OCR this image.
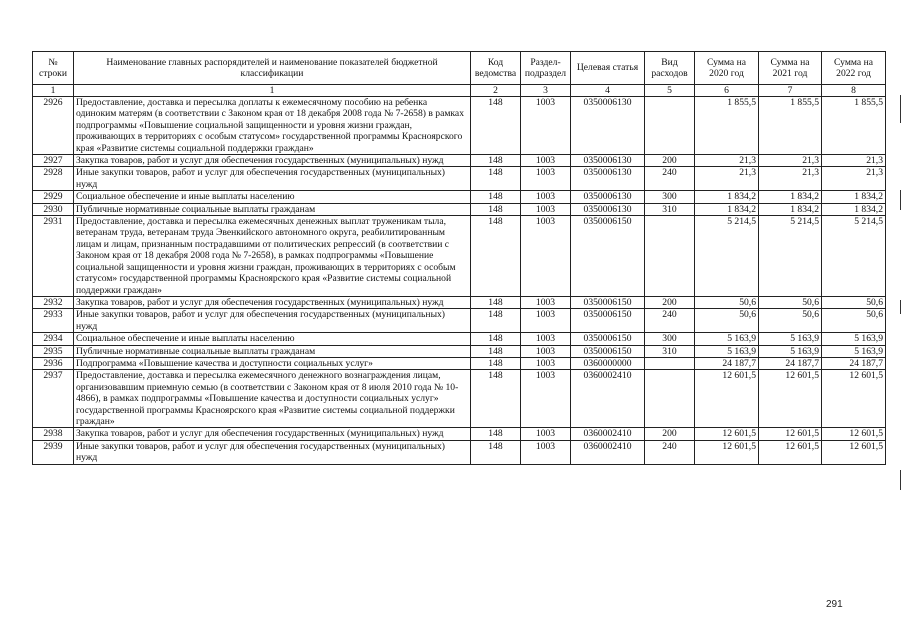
№ строки	Наименование главных распорядителей и наименование показателей бюджетной классификации	Код ведомства	Раздел-подраздел	Целевая статья	Вид расходов	Сумма на 2020 год	Сумма на 2021 год	Сумма на 2022 год
1	1	2	3	4	5	6	7	8
2926	Предоставление, доставка и пересылка доплаты к ежемесячному пособию на ребенка одиноким матерям (в соответствии с Законом края от 18 декабря 2008 года № 7-2658) в рамках подпрограммы «Повышение социальной защищенности и уровня жизни граждан, проживающих в территориях с особым статусом» государственной программы Красноярского края «Развитие системы социальной поддержки граждан»	148	1003	0350006130		1 855,5	1 855,5	1 855,5
2927	Закупка товаров, работ и услуг для обеспечения государственных (муниципальных) нужд	148	1003	0350006130	200	21,3	21,3	21,3
2928	Иные закупки товаров, работ и услуг для обеспечения государственных (муниципальных) нужд	148	1003	0350006130	240	21,3	21,3	21,3
2929	Социальное обеспечение и иные выплаты населению	148	1003	0350006130	300	1 834,2	1 834,2	1 834,2
2930	Публичные нормативные социальные выплаты гражданам	148	1003	0350006130	310	1 834,2	1 834,2	1 834,2
2931	Предоставление, доставка и пересылка ежемесячных денежных выплат труженикам тыла, ветеранам труда, ветеранам труда Эвенкийского автономного округа, реабилитированным лицам и лицам, признанным пострадавшими от политических репрессий (в соответствии с Законом края от 18 декабря 2008 года № 7-2658), в рамках подпрограммы «Повышение социальной защищенности и уровня жизни граждан, проживающих в территориях с особым статусом» государственной программы Красноярского края «Развитие системы социальной поддержки граждан»	148	1003	0350006150		5 214,5	5 214,5	5 214,5
2932	Закупка товаров, работ и услуг для обеспечения государственных (муниципальных) нужд	148	1003	0350006150	200	50,6	50,6	50,6
2933	Иные закупки товаров, работ и услуг для обеспечения государственных (муниципальных) нужд	148	1003	0350006150	240	50,6	50,6	50,6
2934	Социальное обеспечение и иные выплаты населению	148	1003	0350006150	300	5 163,9	5 163,9	5 163,9
2935	Публичные нормативные социальные выплаты гражданам	148	1003	0350006150	310	5 163,9	5 163,9	5 163,9
2936	Подпрограмма «Повышение качества и доступности социальных услуг»	148	1003	0360000000		24 187,7	24 187,7	24 187,7
2937	Предоставление, доставка и пересылка ежемесячного денежного вознаграждения лицам, организовавшим приемную семью (в соответствии с Законом края от 8 июля 2010 года № 10-4866), в рамках подпрограммы «Повышение качества и доступности социальных услуг» государственной программы Красноярского края «Развитие системы социальной поддержки граждан»	148	1003	0360002410		12 601,5	12 601,5	12 601,5
2938	Закупка товаров, работ и услуг для обеспечения государственных (муниципальных) нужд	148	1003	0360002410	200	12 601,5	12 601,5	12 601,5
2939	Иные закупки товаров, работ и услуг для обеспечения государственных (муниципальных) нужд	148	1003	0360002410	240	12 601,5	12 601,5	12 601,5
291
